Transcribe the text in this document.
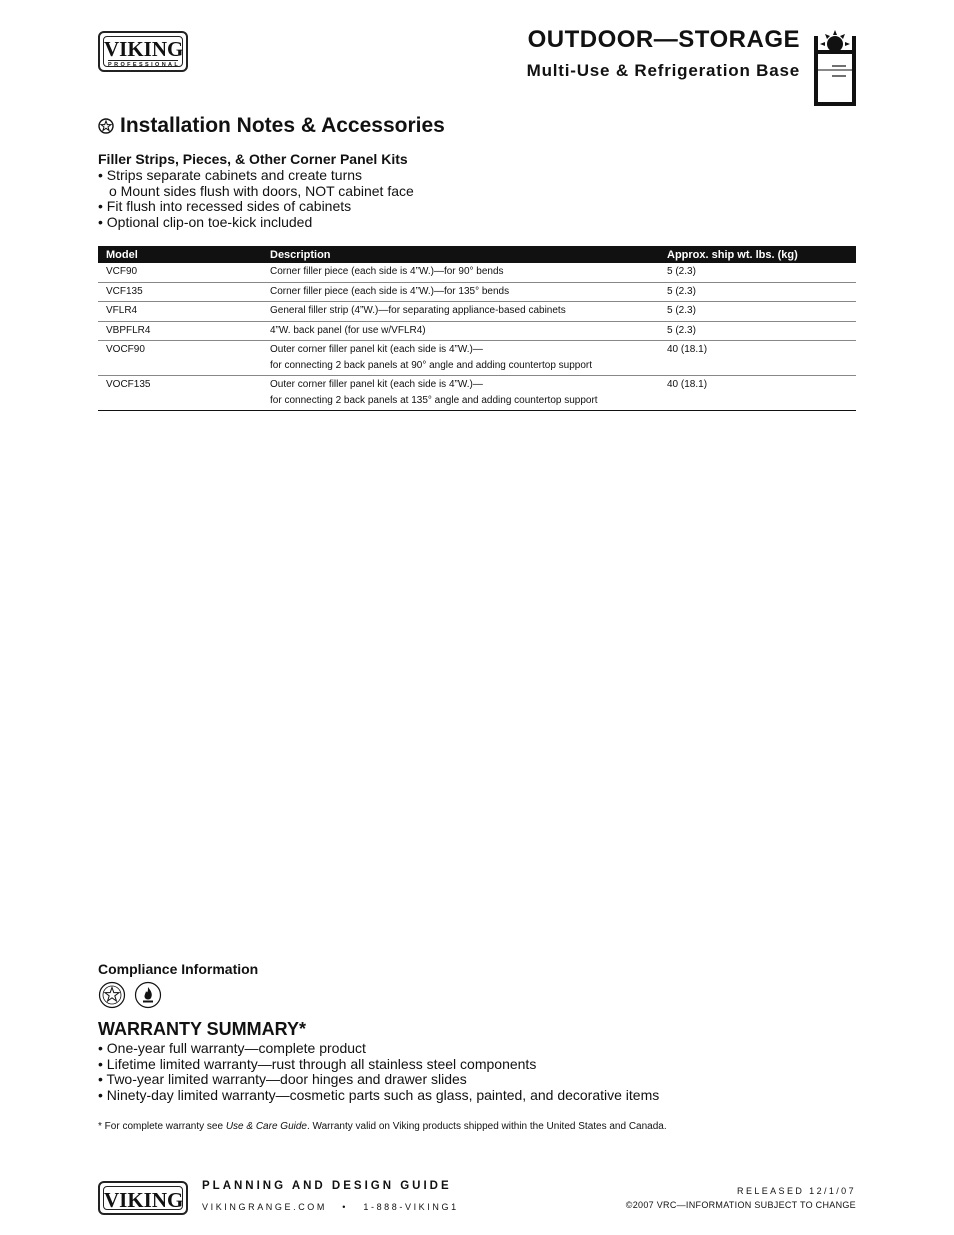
VIKING
PROFESSIONAL
OUTDOOR—STORAGE
Multi-Use & Refrigeration Base
Installation Notes & Accessories
Filler Strips, Pieces, & Other Corner Panel Kits
• Strips separate cabinets and create turns
o Mount sides flush with doors, NOT cabinet face
• Fit flush into recessed sides of cabinets
• Optional clip-on toe-kick included
Model	Description	Approx. ship wt. lbs. (kg)
VCF90	Corner filler piece (each side is 4”W.)—for 90° bends	5 (2.3)
VCF135	Corner filler piece (each side is 4”W.)—for 135° bends	5 (2.3)
VFLR4	General filler strip (4”W.)—for separating appliance-based cabinets	5 (2.3)
VBPFLR4	4”W. back panel (for use w/VFLR4)	5 (2.3)
VOCF90	Outer corner filler panel kit (each side is 4”W.)—
for connecting 2 back panels at 90° angle and adding countertop support	40 (18.1)
VOCF135	Outer corner filler panel kit (each side is 4”W.)—
for connecting 2 back panels at 135° angle and adding countertop support	40 (18.1)
Compliance Information
WARRANTY SUMMARY*
• One-year full warranty—complete product
• Lifetime limited warranty—rust through all stainless steel components
• Two-year limited warranty—door hinges and drawer slides
• Ninety-day limited warranty—cosmetic parts such as glass, painted, and decorative items
* For complete warranty see Use & Care Guide. Warranty valid on Viking products shipped within the United States and Canada.
VIKING
PLANNING AND DESIGN GUIDE
VIKINGRANGE.COM   •   1-888-VIKING1
RELEASED 12/1/07
©2007 VRC—INFORMATION SUBJECT TO CHANGE
